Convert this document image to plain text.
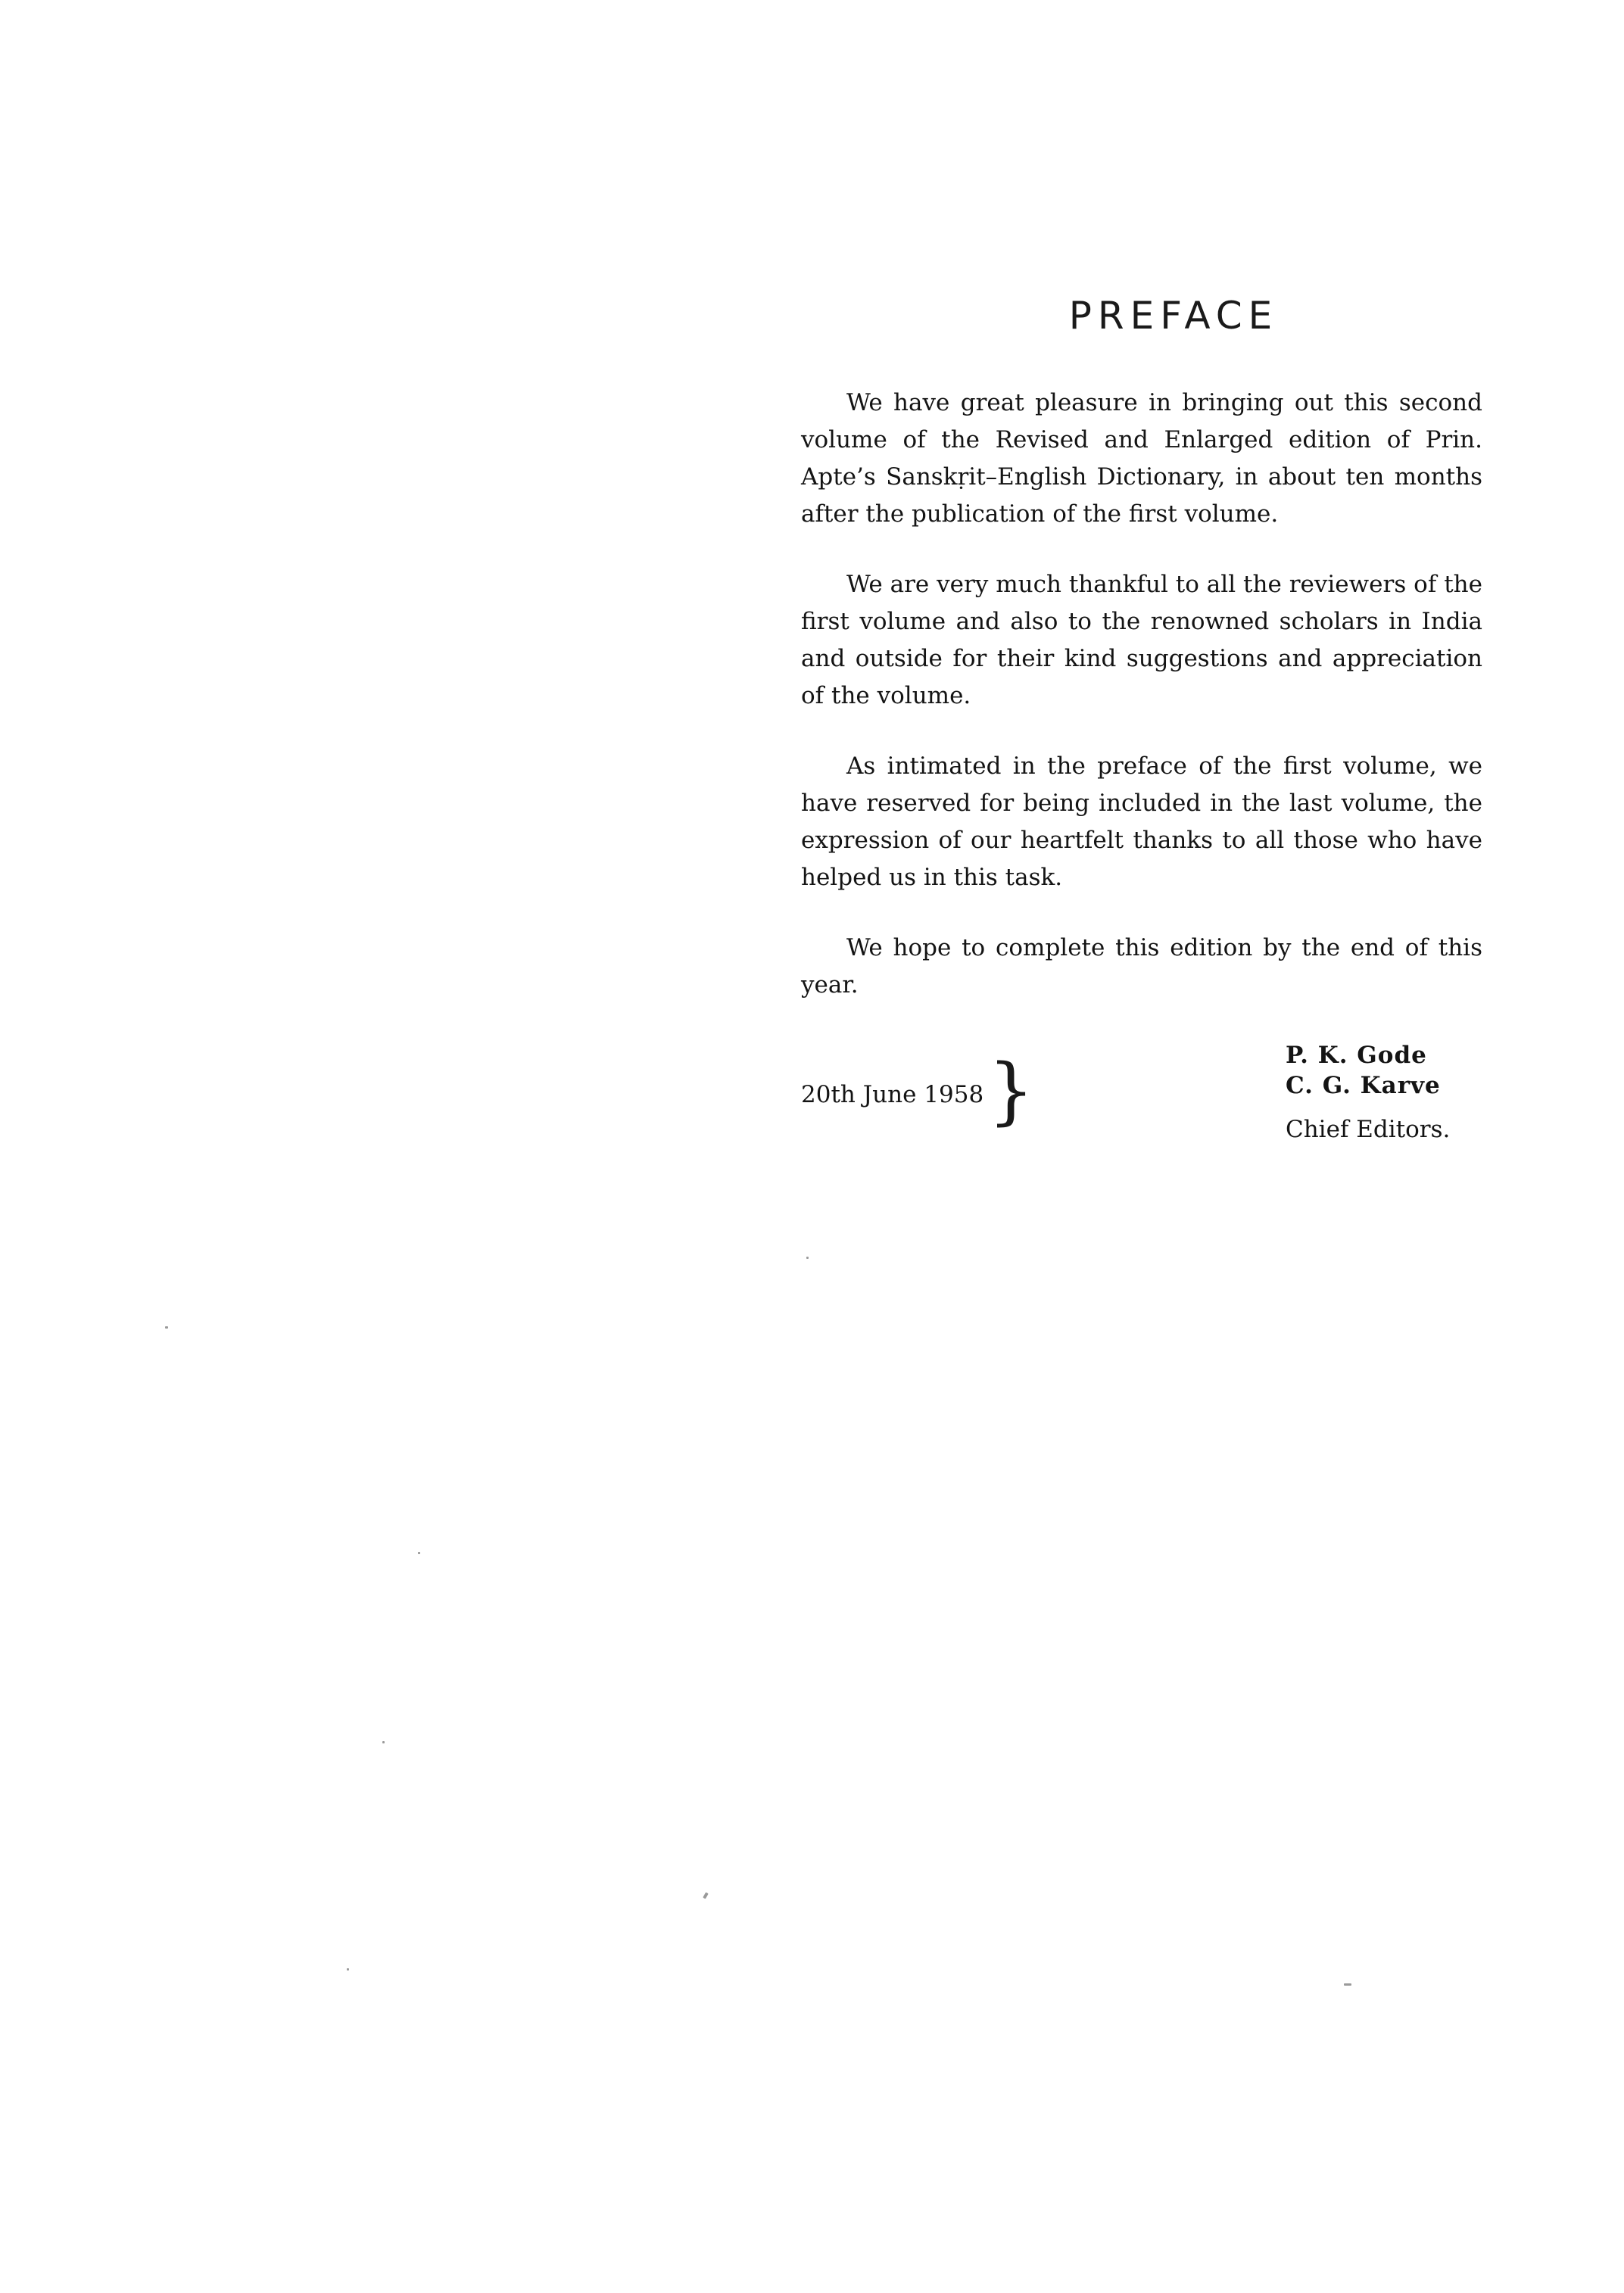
PREFACE

We have great pleasure in bringing out this second volume of the Revised and Enlarged edition of Prin. Apte’s Sanskṛit–English Dictionary, in about ten months after the publication of the first volume.

We are very much thankful to all the reviewers of the first volume and also to the renowned scholars in India and outside for their kind suggestions and appreciation of the volume.

As intimated in the preface of the first volume, we have reserved for being included in the last volume, the expression of our heartfelt thanks to all those who have helped us in this task.

We hope to complete this edition by the end of this year.

20th June 1958 }	P. K. Gode
C. G. Karve
Chief Editors.
